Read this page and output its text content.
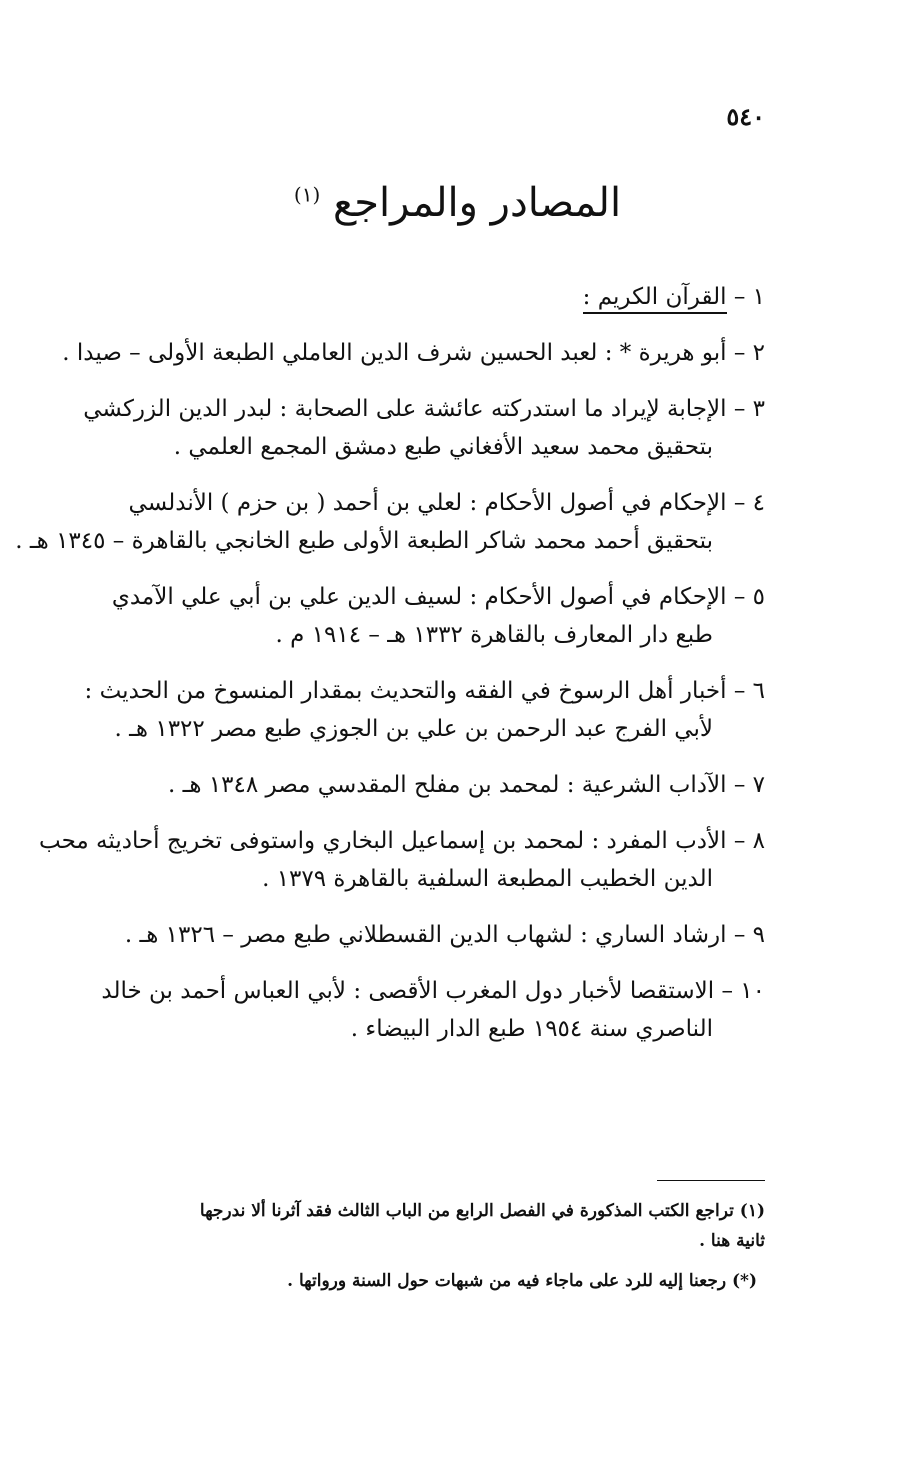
٥٤٠
المصادر والمراجع $^{(١)}$
١ – القرآن الكريم :
٢ – أبو هريرة * : لعبد الحسين شرف الدين العاملي الطبعة الأولى – صيدا .
٣ – الإجابة لإيراد ما استدركته عائشة على الصحابة : لبدر الدين الزركشي
بتحقيق محمد سعيد الأفغاني طبع دمشق المجمع العلمي .
٤ – الإحكام في أصول الأحكام : لعلي بن أحمد ( بن حزم ) الأندلسي
بتحقيق أحمد محمد شاكر الطبعة الأولى طبع الخانجي بالقاهرة – ١٣٤٥ هـ .
٥ – الإحكام في أصول الأحكام : لسيف الدين علي بن أبي علي الآمدي
طبع دار المعارف بالقاهرة ١٣٣٢ هـ – ١٩١٤ م .
٦ – أخبار أهل الرسوخ في الفقه والتحديث بمقدار المنسوخ من الحديث :
لأبي الفرج عبد الرحمن بن علي بن الجوزي طبع مصر ١٣٢٢ هـ .
٧ – الآداب الشرعية : لمحمد بن مفلح المقدسي مصر ١٣٤٨ هـ .
٨ – الأدب المفرد : لمحمد بن إسماعيل البخاري واستوفى تخريج أحاديثه محب
الدين الخطيب المطبعة السلفية بالقاهرة ١٣٧٩ .
٩ – ارشاد الساري : لشهاب الدين القسطلاني طبع مصر – ١٣٢٦ هـ .
١٠ – الاستقصا لأخبار دول المغرب الأقصى : لأبي العباس أحمد بن خالد
الناصري سنة ١٩٥٤ طبع الدار البيضاء .
(١) تراجع الكتب المذكورة في الفصل الرابع من الباب الثالث فقد آثرنا ألا ندرجها
ثانية هنا .
(*) رجعنا إليه للرد على ماجاء فيه من شبهات حول السنة ورواتها .
